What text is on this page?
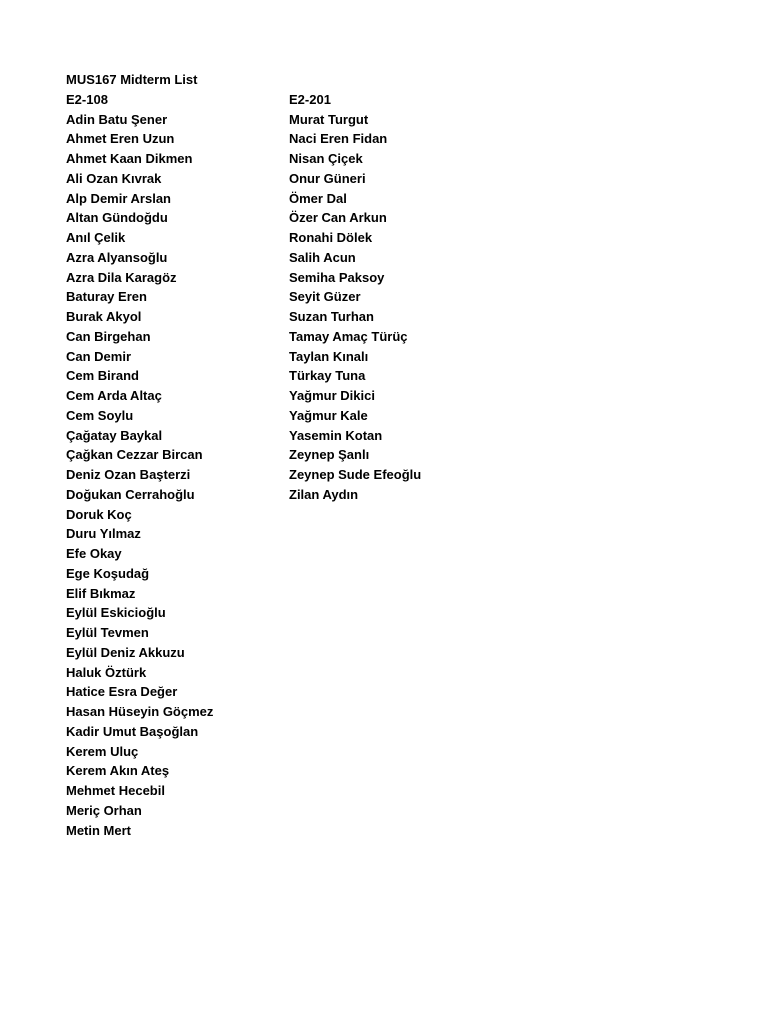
MUS167 Midterm List
E2-108
Adin Batu Şener
Ahmet Eren Uzun
Ahmet Kaan Dikmen
Ali Ozan Kıvrak
Alp Demir Arslan
Altan Gündoğdu
Anıl Çelik
Azra Alyansoğlu
Azra Dila Karagöz
Baturay Eren
Burak Akyol
Can Birgehan
Can Demir
Cem Birand
Cem Arda Altaç
Cem Soylu
Çağatay Baykal
Çağkan Cezzar Bircan
Deniz Ozan Başterzi
Doğukan Cerrahoğlu
Doruk Koç
Duru Yılmaz
Efe Okay
Ege Koşudağ
Elif Bıkmaz
Eylül Eskicioğlu
Eylül Tevmen
Eylül Deniz Akkuzu
Haluk Öztürk
Hatice Esra Değer
Hasan Hüseyin Göçmez
Kadir Umut Başoğlan
Kerem Uluç
Kerem Akın Ateş
Mehmet Hecebil
Meriç Orhan
Metin Mert
E2-201
Murat Turgut
Naci Eren Fidan
Nisan Çiçek
Onur Güneri
Ömer Dal
Özer Can Arkun
Ronahi Dölek
Salih Acun
Semiha Paksoy
Seyit Güzer
Suzan Turhan
Tamay Amaç Türüç
Taylan Kınalı
Türkay Tuna
Yağmur Dikici
Yağmur Kale
Yasemin Kotan
Zeynep Şanlı
Zeynep Sude Efeoğlu
Zilan Aydın
